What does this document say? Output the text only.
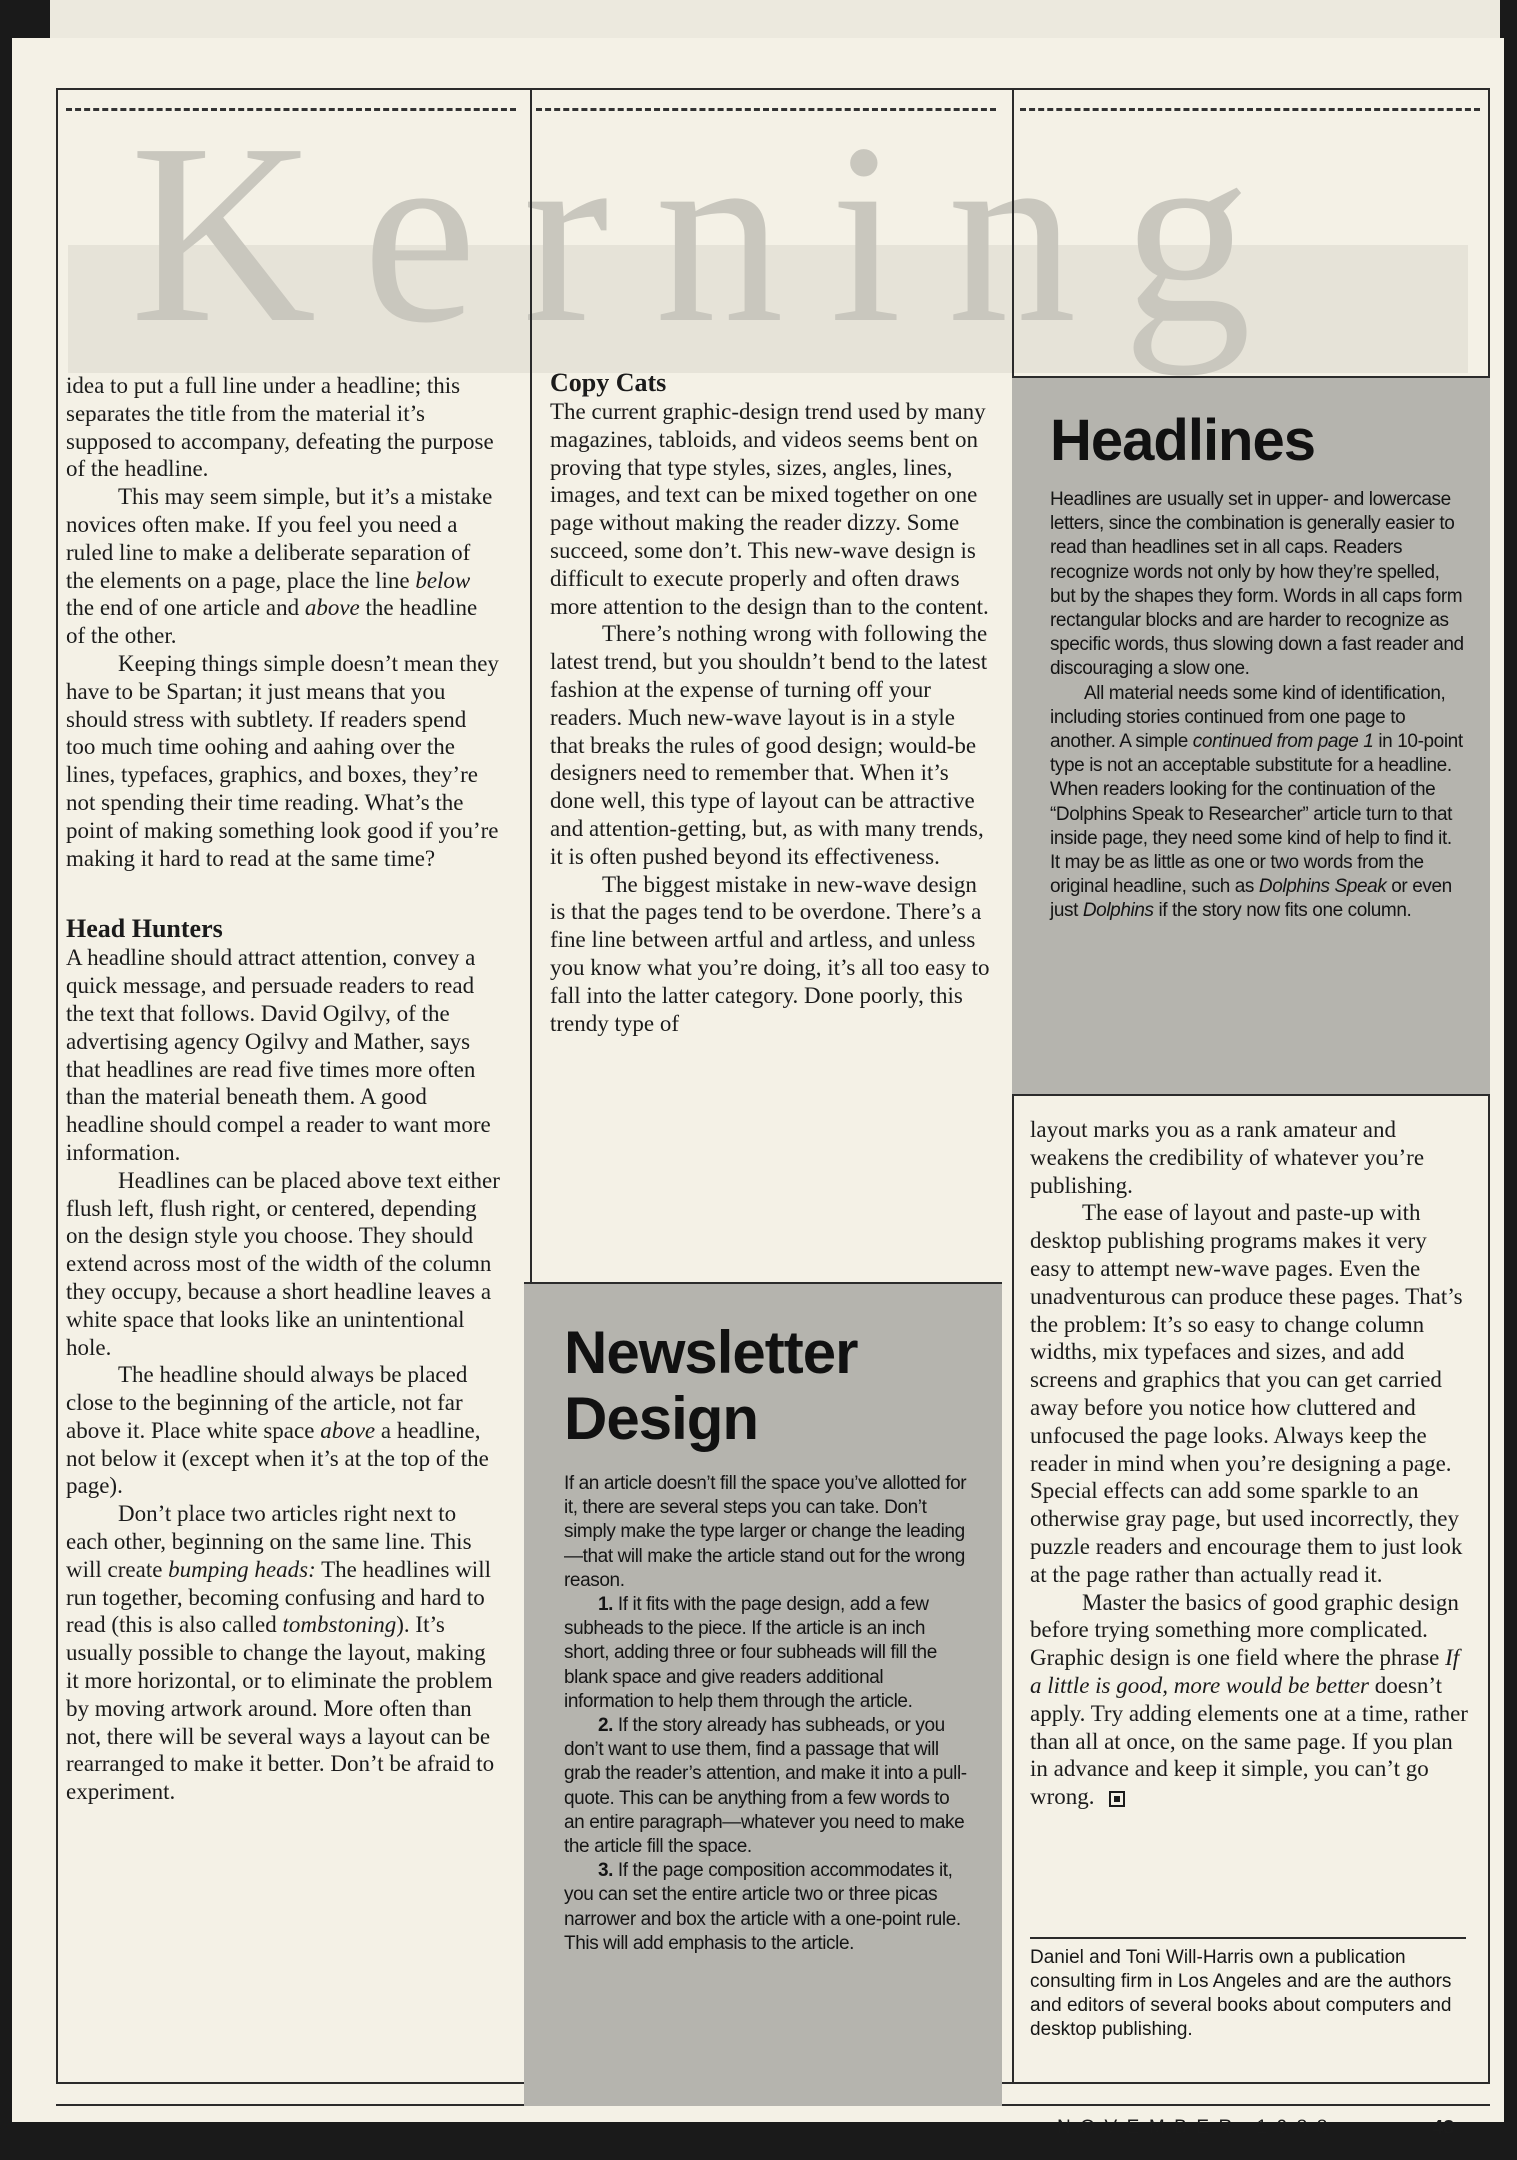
Kerning

idea to put a full line under a headline; this separates the title from the material it’s supposed to accompany, defeating the purpose of the headline.

This may seem simple, but it’s a mistake novices often make. If you feel you need a ruled line to make a deliberate separation of the elements on a page, place the line below the end of one article and above the headline of the other.

Keeping things simple doesn’t mean they have to be Spartan; it just means that you should stress with subtlety. If readers spend too much time oohing and aahing over the lines, typefaces, graphics, and boxes, they’re not spending their time reading. What’s the point of making something look good if you’re making it hard to read at the same time?

Head Hunters

A headline should attract attention, convey a quick message, and persuade readers to read the text that follows. David Ogilvy, of the advertising agency Ogilvy and Mather, says that headlines are read five times more often than the material beneath them. A good headline should compel a reader to want more information.

Headlines can be placed above text either flush left, flush right, or centered, depending on the design style you choose. They should extend across most of the width of the column they occupy, because a short headline leaves a white space that looks like an unintentional hole.

The headline should always be placed close to the beginning of the article, not far above it. Place white space above a headline, not below it (except when it’s at the top of the page).

Don’t place two articles right next to each other, beginning on the same line. This will create bumping heads: The headlines will run together, becoming confusing and hard to read (this is also called tombstoning). It’s usually possible to change the layout, making it more horizontal, or to eliminate the problem by moving artwork around. More often than not, there will be several ways a layout can be rearranged to make it better. Don’t be afraid to experiment.

Copy Cats

The current graphic-design trend used by many magazines, tabloids, and videos seems bent on proving that type styles, sizes, angles, lines, images, and text can be mixed together on one page without making the reader dizzy. Some succeed, some don’t. This new-wave design is difficult to execute properly and often draws more attention to the design than to the content.

There’s nothing wrong with following the latest trend, but you shouldn’t bend to the latest fashion at the expense of turning off your readers. Much new-wave layout is in a style that breaks the rules of good design; would-be designers need to remember that. When it’s done well, this type of layout can be attractive and attention-getting, but, as with many trends, it is often pushed beyond its effectiveness.

The biggest mistake in new-wave design is that the pages tend to be overdone. There’s a fine line between artful and artless, and unless you know what you’re doing, it’s all too easy to fall into the latter category. Done poorly, this trendy type of

Newsletter
Design

If an article doesn’t fill the space you’ve allotted for it, there are several steps you can take. Don’t simply make the type larger or change the leading—that will make the article stand out for the wrong reason.

1. If it fits with the page design, add a few subheads to the piece. If the article is an inch short, adding three or four subheads will fill the blank space and give readers additional information to help them through the article.

2. If the story already has subheads, or you don’t want to use them, find a passage that will grab the reader’s attention, and make it into a pull-quote. This can be anything from a few words to an entire paragraph—whatever you need to make the article fill the space.

3. If the page composition accommodates it, you can set the entire article two or three picas narrower and box the article with a one-point rule. This will add emphasis to the article.

Headlines

Headlines are usually set in upper- and lowercase letters, since the combination is generally easier to read than headlines set in all caps. Readers recognize words not only by how they’re spelled, but by the shapes they form. Words in all caps form rectangular blocks and are harder to recognize as specific words, thus slowing down a fast reader and discouraging a slow one.

All material needs some kind of identification, including stories continued from one page to another. A simple continued from page 1 in 10-point type is not an acceptable substitute for a headline. When readers looking for the continuation of the “Dolphins Speak to Researcher” article turn to that inside page, they need some kind of help to find it. It may be as little as one or two words from the original headline, such as Dolphins Speak or even just Dolphins if the story now fits one column.

layout marks you as a rank amateur and weakens the credibility of whatever you’re publishing.

The ease of layout and paste-up with desktop publishing programs makes it very easy to attempt new-wave pages. Even the unadventurous can produce these pages. That’s the problem: It’s so easy to change column widths, mix typefaces and sizes, and add screens and graphics that you can get carried away before you notice how cluttered and unfocused the page looks. Always keep the reader in mind when you’re designing a page. Special effects can add some sparkle to an otherwise gray page, but used incorrectly, they puzzle readers and encourage them to just look at the page rather than actually read it.

Master the basics of good graphic design before trying something more complicated. Graphic design is one field where the phrase If a little is good, more would be better doesn’t apply. Try adding elements one at a time, rather than all at once, on the same page. If you plan in advance and keep it simple, you can’t go wrong.

Daniel and Toni Will-Harris own a publication consulting firm in Los Angeles and are the authors and editors of several books about computers and desktop publishing.
NOVEMBER 1988	43
